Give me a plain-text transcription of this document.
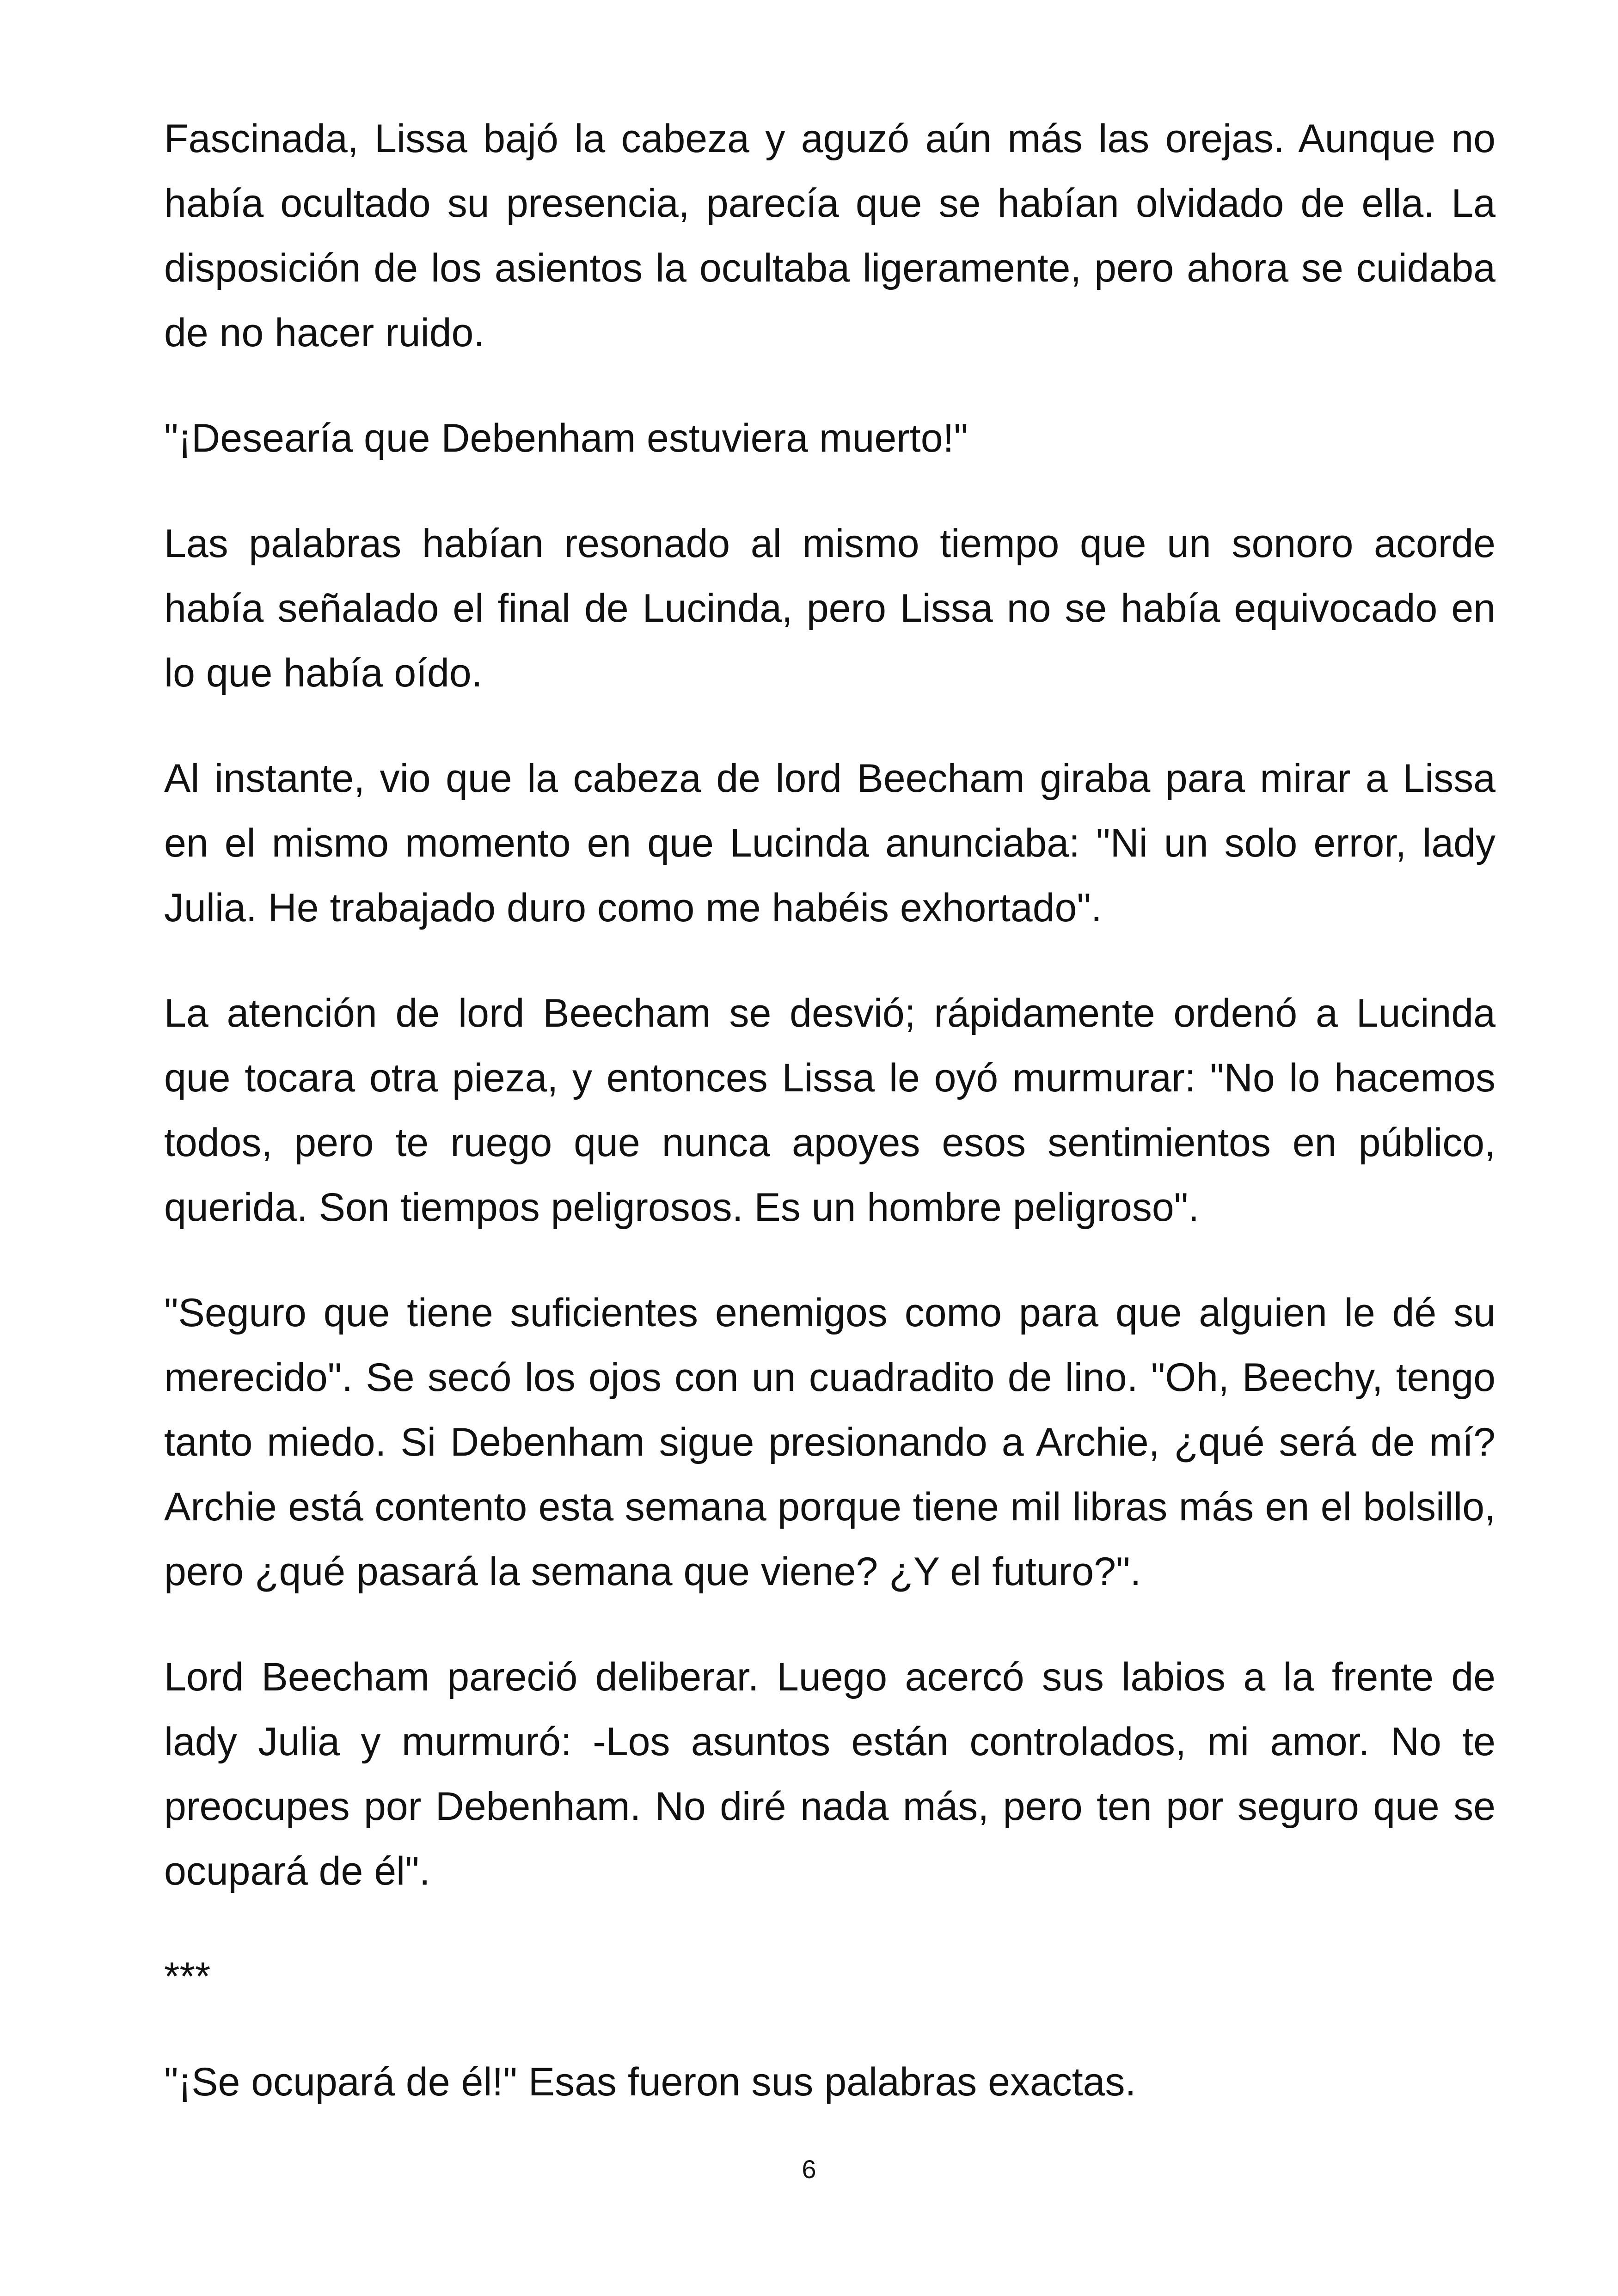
Fascinada, Lissa bajó la cabeza y aguzó aún más las orejas. Aunque no había ocultado su presencia, parecía que se habían olvidado de ella. La disposición de los asientos la ocultaba ligeramente, pero ahora se cuidaba de no hacer ruido.

"¡Desearía que Debenham estuviera muerto!"

Las palabras habían resonado al mismo tiempo que un sonoro acorde había señalado el final de Lucinda, pero Lissa no se había equivocado en lo que había oído.

Al instante, vio que la cabeza de lord Beecham giraba para mirar a Lissa en el mismo momento en que Lucinda anunciaba: "Ni un solo error, lady Julia. He trabajado duro como me habéis exhortado".

La atención de lord Beecham se desvió; rápidamente ordenó a Lucinda que tocara otra pieza, y entonces Lissa le oyó murmurar: "No lo hacemos todos, pero te ruego que nunca apoyes esos sentimientos en público, querida. Son tiempos peligrosos. Es un hombre peligroso".

"Seguro que tiene suficientes enemigos como para que alguien le dé su merecido". Se secó los ojos con un cuadradito de lino. "Oh, Beechy, tengo tanto miedo. Si Debenham sigue presionando a Archie, ¿qué será de mí? Archie está contento esta semana porque tiene mil libras más en el bolsillo, pero ¿qué pasará la semana que viene? ¿Y el futuro?".

Lord Beecham pareció deliberar. Luego acercó sus labios a la frente de lady Julia y murmuró: -Los asuntos están controlados, mi amor. No te preocupes por Debenham. No diré nada más, pero ten por seguro que se ocupará de él".

***

"¡Se ocupará de él!" Esas fueron sus palabras exactas.

6
